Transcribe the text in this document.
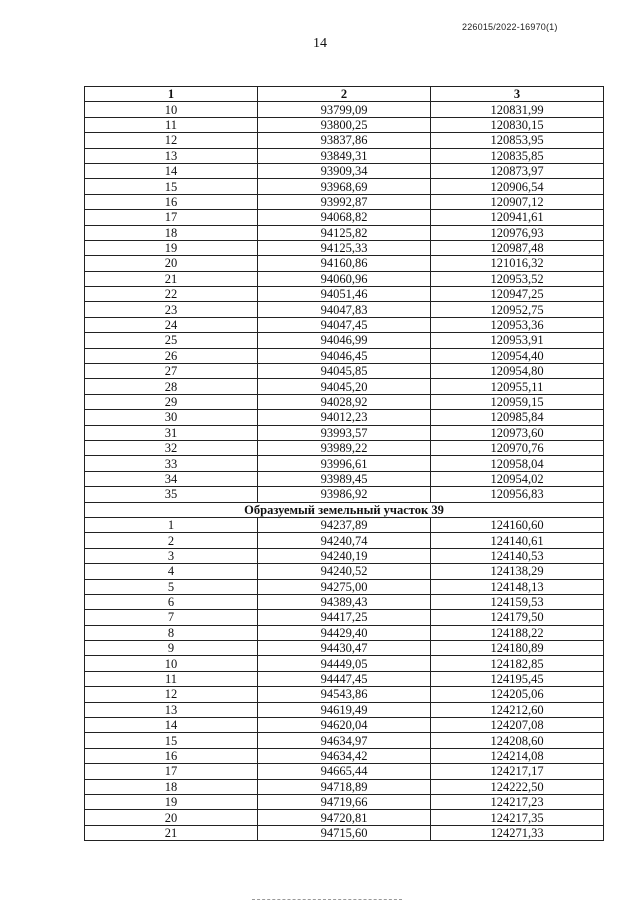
226015/2022-16970(1)
14
1	2	3
10	93799,09	120831,99
11	93800,25	120830,15
12	93837,86	120853,95
13	93849,31	120835,85
14	93909,34	120873,97
15	93968,69	120906,54
16	93992,87	120907,12
17	94068,82	120941,61
18	94125,82	120976,93
19	94125,33	120987,48
20	94160,86	121016,32
21	94060,96	120953,52
22	94051,46	120947,25
23	94047,83	120952,75
24	94047,45	120953,36
25	94046,99	120953,91
26	94046,45	120954,40
27	94045,85	120954,80
28	94045,20	120955,11
29	94028,92	120959,15
30	94012,23	120985,84
31	93993,57	120973,60
32	93989,22	120970,76
33	93996,61	120958,04
34	93989,45	120954,02
35	93986,92	120956,83
Образуемый земельный участок 39		
1	94237,89	124160,60
2	94240,74	124140,61
3	94240,19	124140,53
4	94240,52	124138,29
5	94275,00	124148,13
6	94389,43	124159,53
7	94417,25	124179,50
8	94429,40	124188,22
9	94430,47	124180,89
10	94449,05	124182,85
11	94447,45	124195,45
12	94543,86	124205,06
13	94619,49	124212,60
14	94620,04	124207,08
15	94634,97	124208,60
16	94634,42	124214,08
17	94665,44	124217,17
18	94718,89	124222,50
19	94719,66	124217,23
20	94720,81	124217,35
21	94715,60	124271,33
